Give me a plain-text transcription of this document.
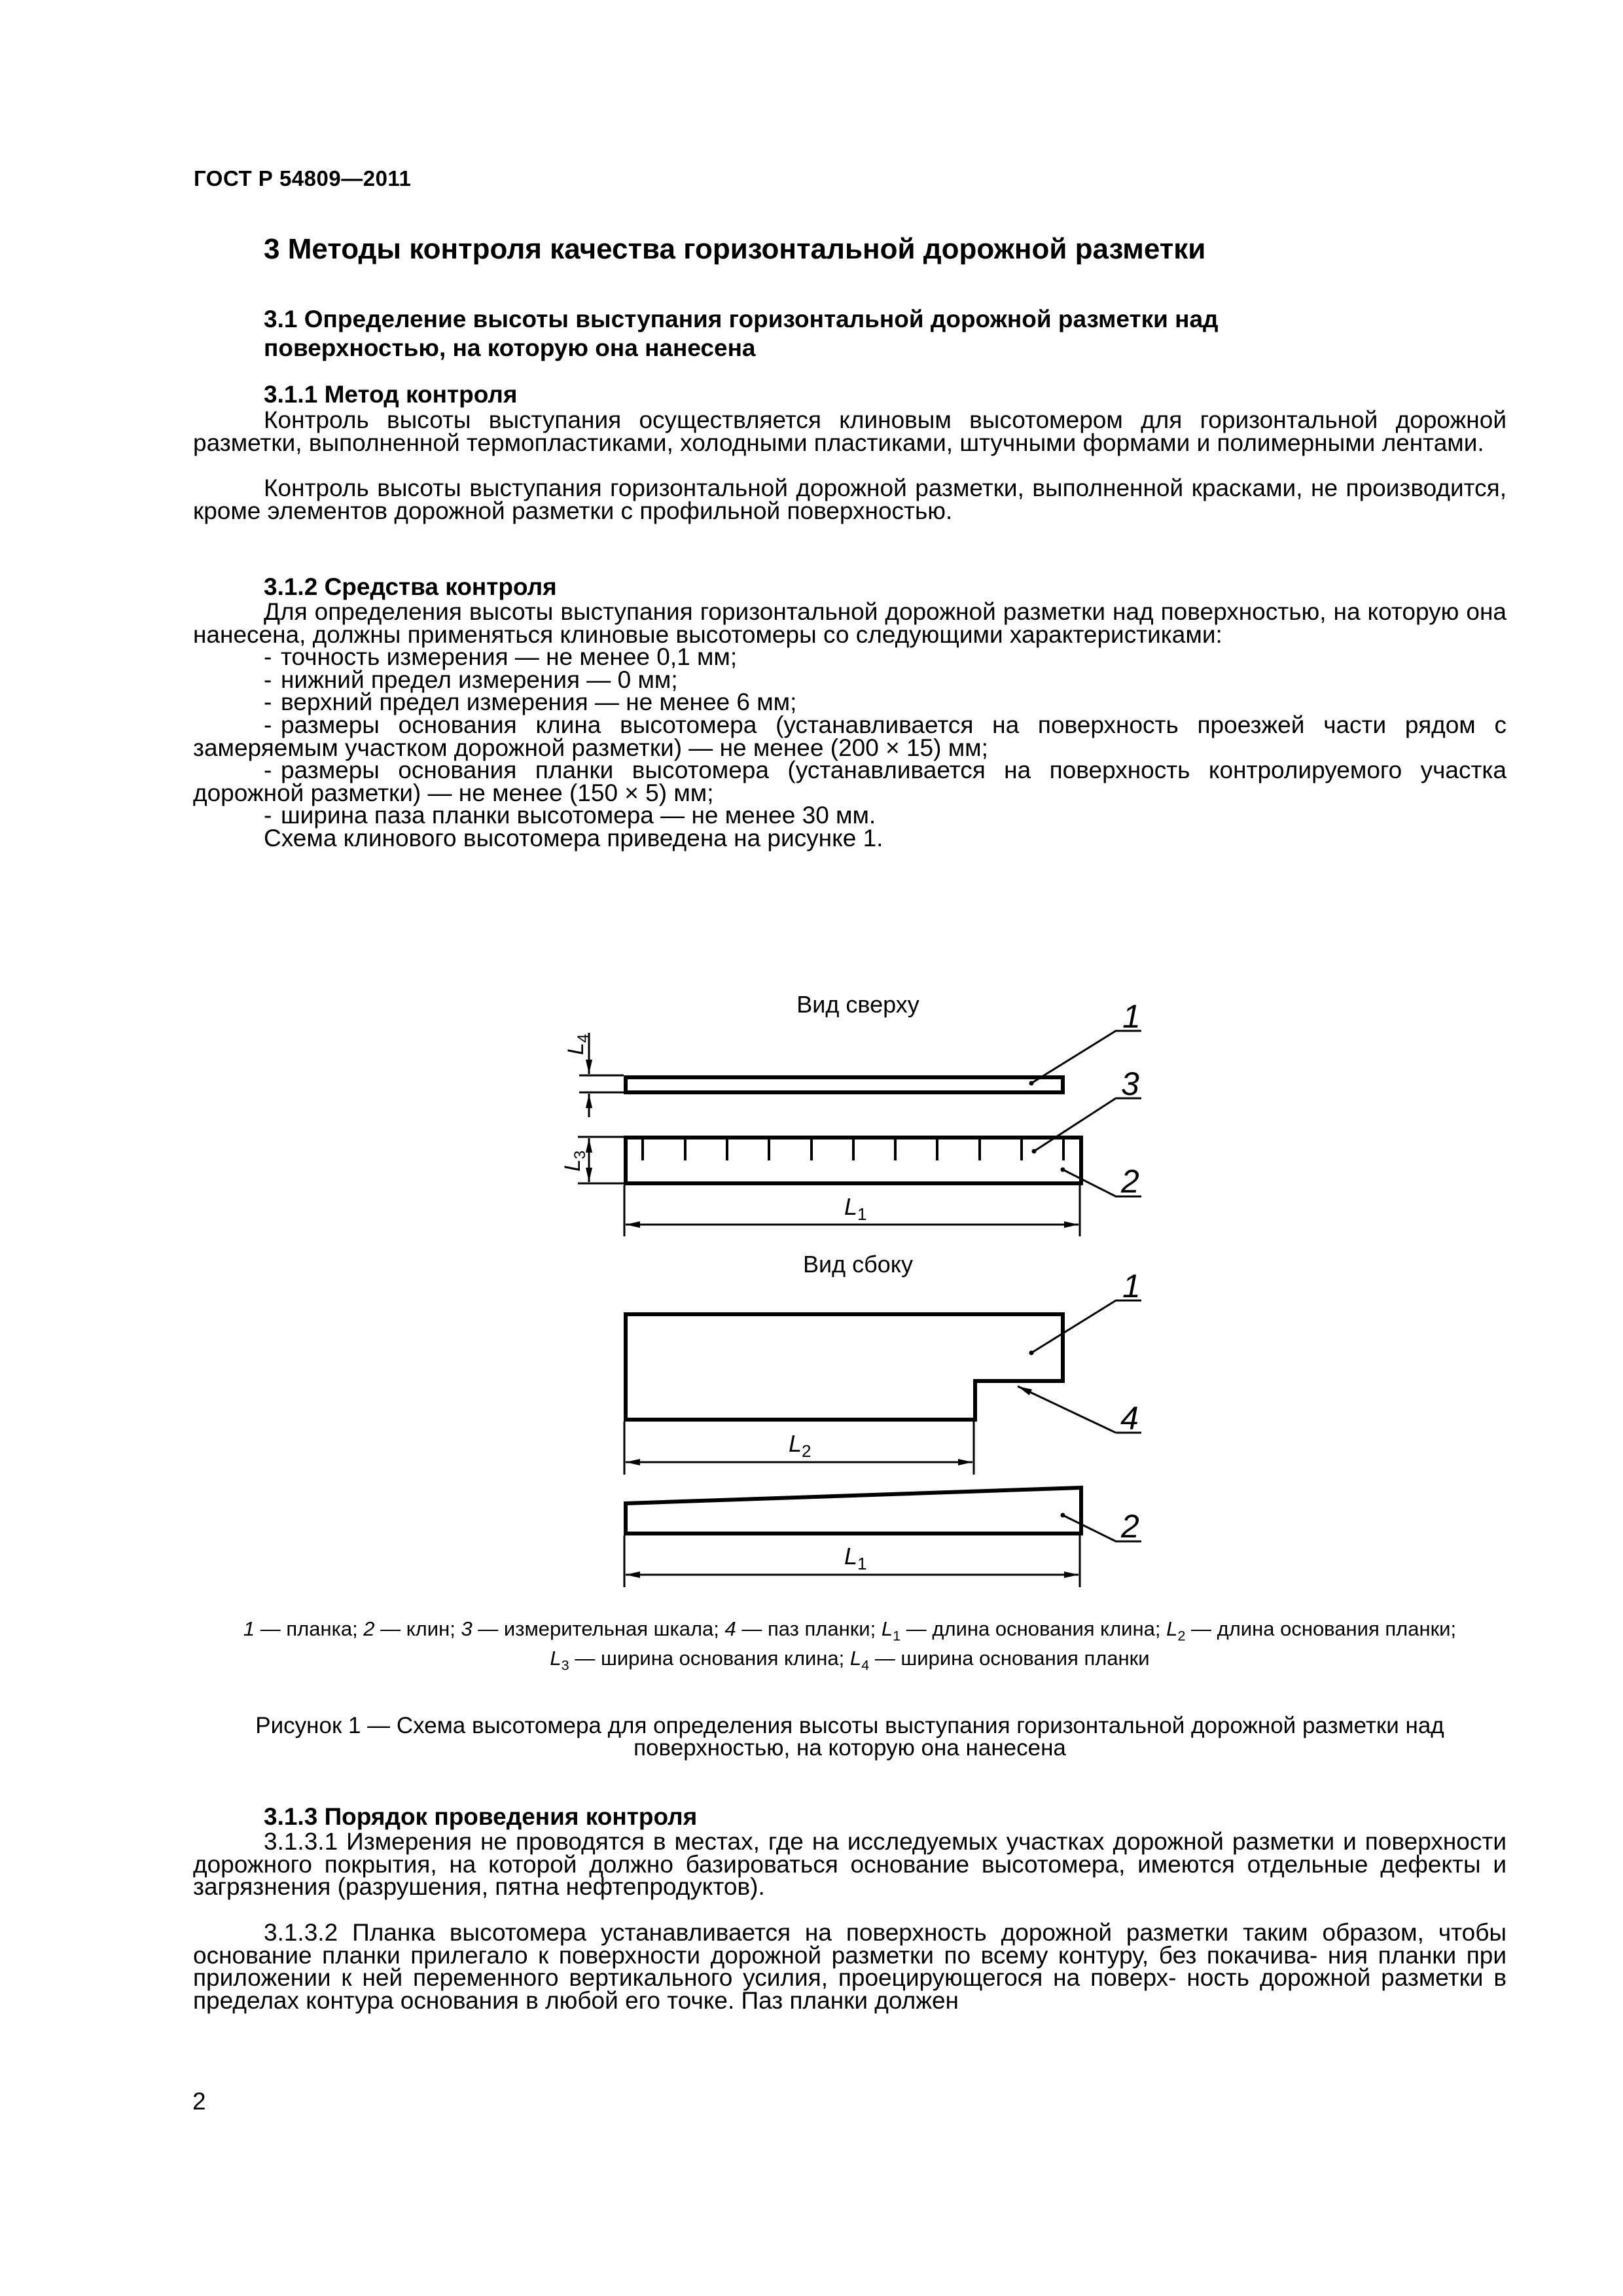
ГОСТ Р 54809—2011
3 Методы контроля качества горизонтальной дорожной разметки
3.1 Определение высоты выступания горизонтальной дорожной разметки над
поверхностью, на которую она нанесена
3.1.1 Метод контроля
Контроль высоты выступания осуществляется клиновым высотомером для горизонтальной дорожной разметки, выполненной термопластиками, холодными пластиками, штучными формами и полимерными лентами.
Контроль высоты выступания горизонтальной дорожной разметки, выполненной красками, не производится, кроме элементов дорожной разметки с профильной поверхностью.
3.1.2 Средства контроля
Для определения высоты выступания горизонтальной дорожной разметки над поверхностью, на которую она нанесена, должны применяться клиновые высотомеры со следующими характеристиками:
- точность измерения — не менее 0,1 мм;
- нижний предел измерения — 0 мм;
- верхний предел измерения — не менее 6 мм;
- размеры основания клина высотомера (устанавливается на поверхность проезжей части рядом с замеряемым участком дорожной разметки) — не менее (200 × 15) мм;
- размеры основания планки высотомера (устанавливается на поверхность контролируемого участка дорожной разметки) — не менее (150 × 5) мм;
- ширина паза планки высотомера — не менее 30 мм.
Схема клинового высотомера приведена на рисунке 1.
Вид сверху
Вид сбоку
$L_4$
$L_3$
$L_1$
1
3
2
$L_2$
1
4
2
$L_1$
1 — планка; 2 — клин; 3 — измерительная шкала; 4 — паз планки; $L_1$ — длина основания клина; $L_2$ — длина основания планки;
$L_3$ — ширина основания клина; $L_4$ — ширина основания планки
Рисунок 1 — Схема высотомера для определения высоты выступания горизонтальной дорожной разметки над
поверхностью, на которую она нанесена
3.1.3 Порядок проведения контроля
3.1.3.1 Измерения не проводятся в местах, где на исследуемых участках дорожной разметки и поверхности дорожного покрытия, на которой должно базироваться основание высотомера, имеются отдельные дефекты и загрязнения (разрушения, пятна нефтепродуктов).
3.1.3.2 Планка высотомера устанавливается на поверхность дорожной разметки таким образом, чтобы основание планки прилегало к поверхности дорожной разметки по всему контуру, без покачива- ния планки при приложении к ней переменного вертикального усилия, проецирующегося на поверх- ность дорожной разметки в пределах контура основания в любой его точке. Паз планки должен
2
